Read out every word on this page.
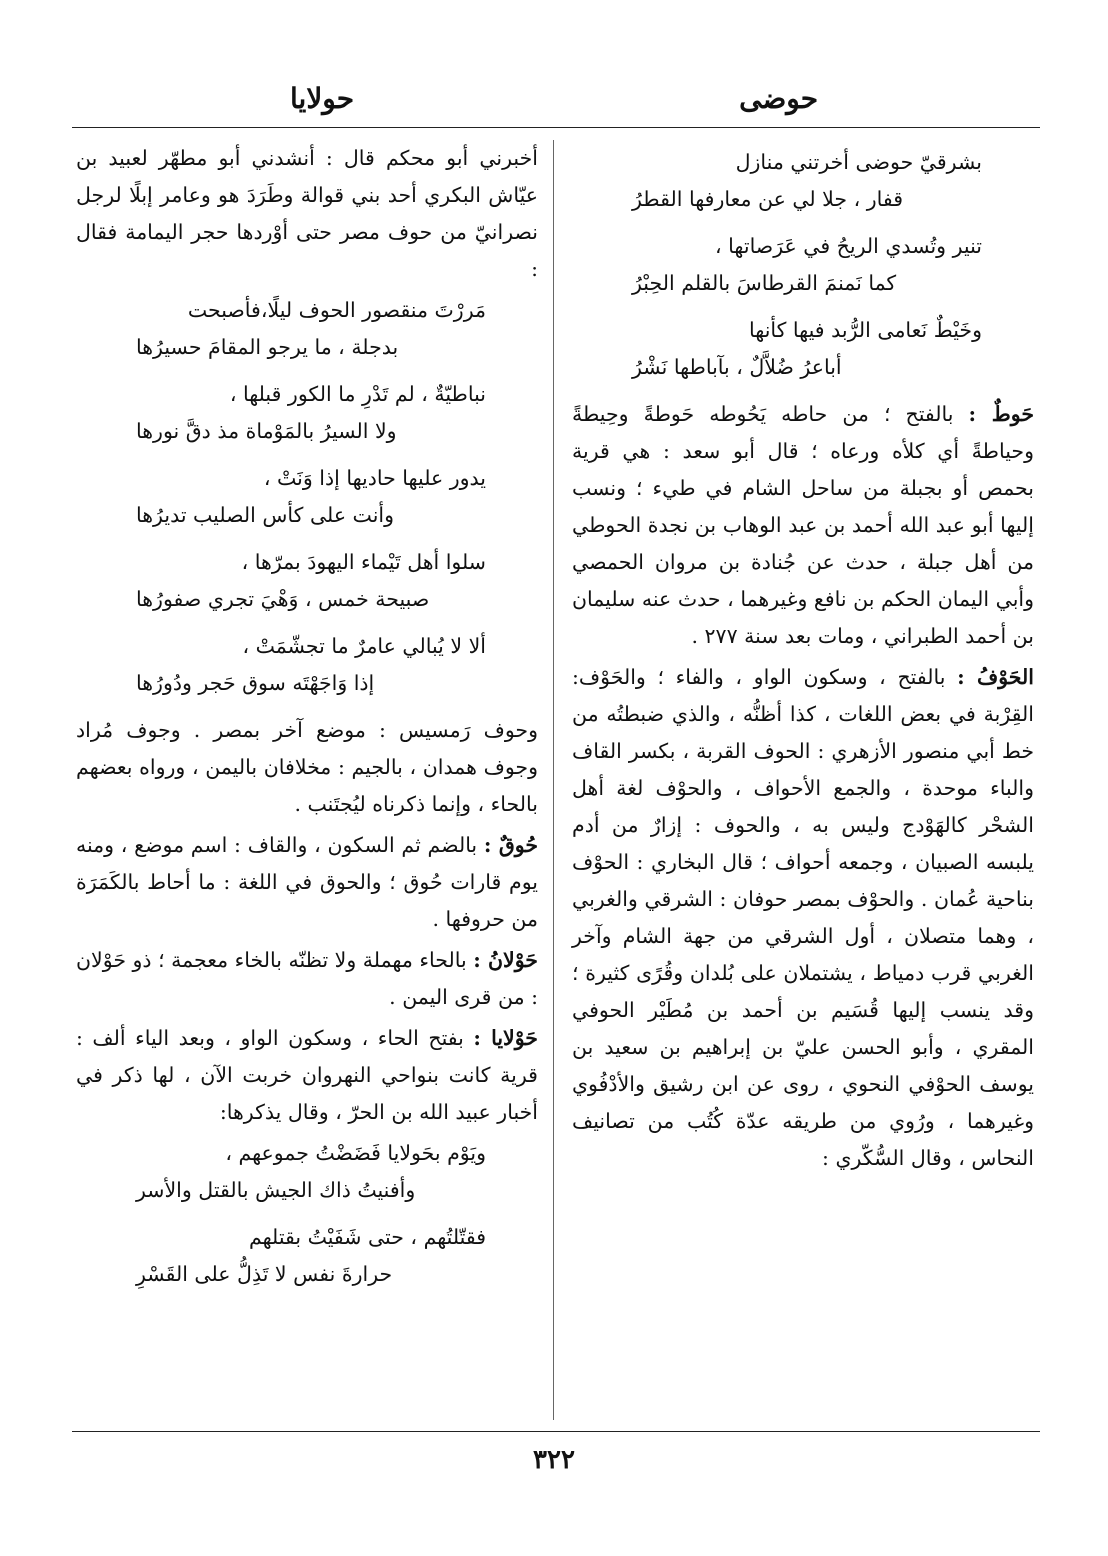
حوضى
حولايا
بشرقيّ حوضى أخرتني منازل
قفار ، جلا لي عن معارفها القطرُ
تنير وتُسدي الريحُ في عَرَصاتها ،
كما نَمنمَ القرطاسَ بالقلم الحِبْرُ
وخَيْطٌ نَعامى الرُّبد فيها كأنها
أباعرُ ضُلاَّلٌ ، بآباطها نَشْرُ

حَوطٌ : بالفتح ؛ من حاطه يَحُوطه حَوطةً وحِيطةً وحياطةً أي كلأه ورعاه ؛ قال أبو سعد : هي قرية بحمص أو بجبلة من ساحل الشام في طيء ؛ ونسب إليها أبو عبد الله أحمد بن عبد الوهاب بن نجدة الحوطي من أهل جبلة ، حدث عن جُنادة بن مروان الحمصي وأبي اليمان الحكم بن نافع وغيرهما ، حدث عنه سليمان بن أحمد الطبراني ، ومات بعد سنة ٢٧٧ .

الحَوْفُ : بالفتح ، وسكون الواو ، والفاء ؛ والحَوْف: القِرْبة في بعض اللغات ، كذا أظنُّه ، والذي ضبطتُه من خط أبي منصور الأزهري : الحوف القربة ، بكسر القاف والباء موحدة ، والجمع الأحواف ، والحوْف لغة أهل الشحْر كالهَوْدج وليس به ، والحوف : إزارٌ من أدم يلبسه الصبيان ، وجمعه أحواف ؛ قال البخاري : الحوْف بناحية عُمان . والحوْف بمصر حوفان : الشرقي والغربي ، وهما متصلان ، أول الشرقي من جهة الشام وآخر الغربي قرب دمياط ، يشتملان على بُلدان وقُرًى كثيرة ؛ وقد ينسب إليها قُسَيم بن أحمد بن مُطَيْر الحوفي المقري ، وأبو الحسن عليّ بن إبراهيم بن سعيد بن يوسف الحوْفي النحوي ، روى عن ابن رشيق والأدْفُوي وغيرهما ، ورُوي من طريقه عدّة كُتُب من تصانيف النحاس ، وقال السُّكّري :

أخبرني أبو محكم قال : أنشدني أبو مطهّر لعبيد بن عيّاش البكري أحد بني قوالة وطَرَدَ هو وعامر إبلًا لرجل نصرانيّ من حوف مصر حتى أوْردها حجر اليمامة فقال :

مَررْتَ منقصور الحوف ليلًا،فأصبحت
بدجلة ، ما يرجو المقامَ حسيرُها
نباطيّةٌ ، لم تَدْرِ ما الكور قبلها ،
ولا السيرُ بالمَوْماة مذ دقَّ نورها
يدور عليها حاديها إذا وَنَتْ ،
وأنت على كأس الصليب تديرُها
سلوا أهل تَيْماء اليهودَ بمرّها ،
صبيحة خمس ، وَهْيَ تجري صفورُها
ألا لا يُبالي عامرٌ ما تجشّمَتْ ،
إذا وَاجَهْتَه سوق حَجر ودُورُها

وحوف رَمسيس : موضع آخر بمصر . وجوف مُراد وجوف همدان ، بالجيم : مخلافان باليمن ، ورواه بعضهم بالحاء ، وإنما ذكرناه ليُجتَنب .

حُوقٌ : بالضم ثم السكون ، والقاف : اسم موضع ، ومنه يوم قارات حُوق ؛ والحوق في اللغة : ما أحاط بالكَمَرَة من حروفها .

حَوْلانُ : بالحاء مهملة ولا تظنّه بالخاء معجمة ؛ ذو حَوْلان : من قرى اليمن .

حَوْلايا : بفتح الحاء ، وسكون الواو ، وبعد الياء ألف : قرية كانت بنواحي النهروان خربت الآن ، لها ذكر في أخبار عبيد الله بن الحرّ ، وقال يذكرها:

ويَوْم بحَولايا فَضَضْتُ جموعهم ،
وأفنيتُ ذاك الجيش بالقتل والأسر
فقتّلتُهم ، حتى شَفَيْتُ بقتلهم
حرارةَ نفس لا تَذِلُّ على القَسْرِ
٣٢٢
